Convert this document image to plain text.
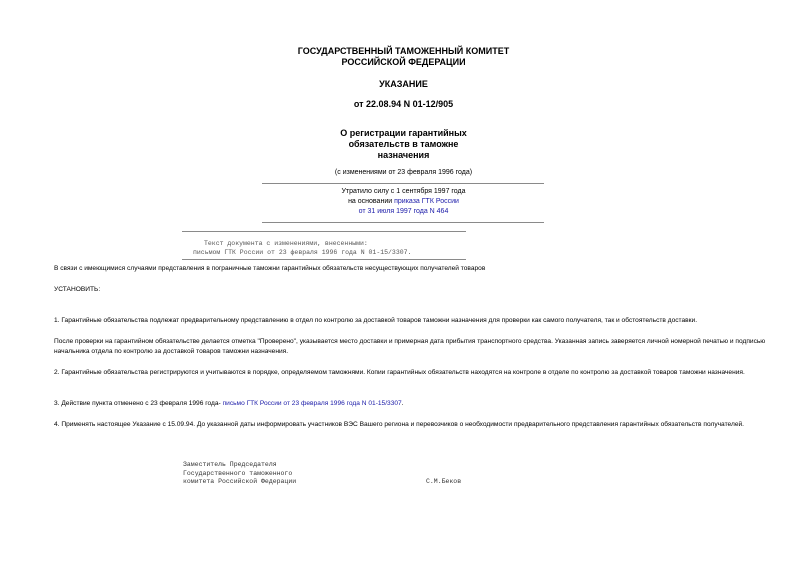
ГОСУДАРСТВЕННЫЙ ТАМОЖЕННЫЙ КОМИТЕТ
РОССИЙСКОЙ ФЕДЕРАЦИИ
УКАЗАНИЕ
от 22.08.94 N 01-12/905
О регистрации гарантийных
обязательств в таможне
назначения
(с изменениями от 23 февраля 1996 года)
Утратило силу с 1 сентября 1997 года
на основании приказа ГТК России
от 31 июля 1997 года N 464
Текст документа с изменениями, внесенными:
письмом ГТК России от 23 февраля 1996 года N 01-15/3307.
В связи с имеющимися случаями представления в пограничные таможни гарантийных обязательств несуществующих получателей товаров
УСТАНОВИТЬ:
1. Гарантийные обязательства подлежат предварительному представлению в отдел по контролю за доставкой товаров таможни назначения для проверки как самого получателя, так и обстоятельств доставки.
После проверки на гарантийном обязательстве делается отметка "Проверено", указывается место доставки и примерная дата прибытия транспортного средства. Указанная запись заверяется личной номерной печатью и подписью начальника отдела по контролю за доставкой товаров таможни назначения.
2. Гарантийные обязательства регистрируются и учитываются в порядке, определяемом таможнями. Копии гарантийных обязательств находятся на контроле в отделе по контролю за доставкой товаров таможни назначения.
3. Действие пункта отменено с 23 февраля 1996 года- письмо ГТК России от 23 февраля 1996 года N 01-15/3307.
4. Применять настоящее Указание с 15.09.94. До указанной даты информировать участников ВЭС Вашего региона и перевозчиков о необходимости предварительного представления гарантийных обязательств получателей.
Заместитель Председателя
Государственного таможенного
комитета Российской Федерации	С.М.Беков
